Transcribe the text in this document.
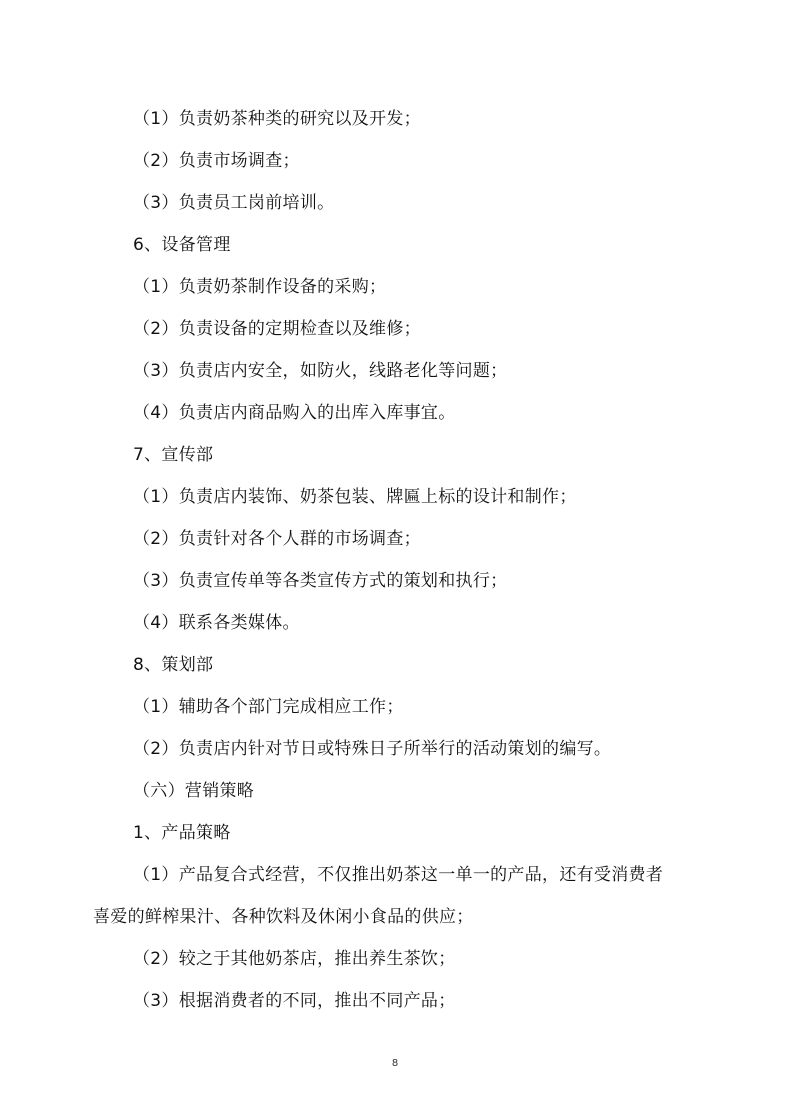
（1）负责奶茶种类的研究以及开发；
（2）负责市场调查；
（3）负责员工岗前培训。
6、设备管理
（1）负责奶茶制作设备的采购；
（2）负责设备的定期检查以及维修；
（3）负责店内安全，如防火，线路老化等问题；
（4）负责店内商品购入的出库入库事宜。
7、宣传部
（1）负责店内装饰、奶茶包装、牌匾上标的设计和制作；
（2）负责针对各个人群的市场调查；
（3）负责宣传单等各类宣传方式的策划和执行；
（4）联系各类媒体。
8、策划部
（1）辅助各个部门完成相应工作；
（2）负责店内针对节日或特殊日子所举行的活动策划的编写。
（六）营销策略
1、产品策略
（1）产品复合式经营，不仅推出奶茶这一单一的产品，还有受消费者
喜爱的鲜榨果汁、各种饮料及休闲小食品的供应；
（2）较之于其他奶茶店，推出养生茶饮；
（3）根据消费者的不同，推出不同产品；
8
